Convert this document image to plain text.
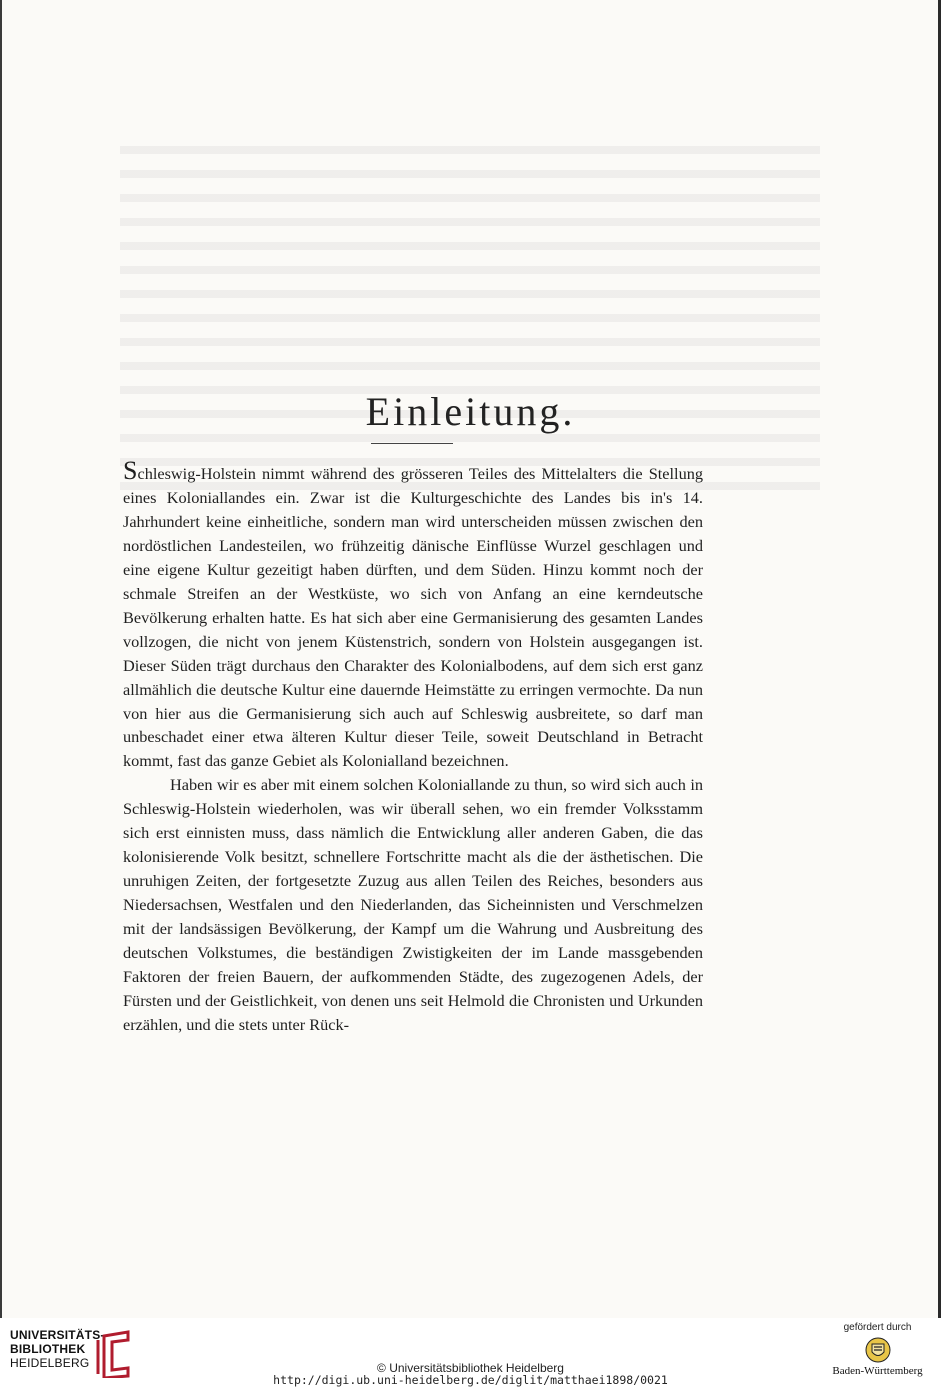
Einleitung.

Schleswig-Holstein nimmt während des grösseren Teiles des Mittelalters die Stellung eines Koloniallandes ein. Zwar ist die Kulturgeschichte des Landes bis in's 14. Jahrhundert keine einheitliche, sondern man wird unterscheiden müssen zwischen den nordöstlichen Landesteilen, wo frühzeitig dänische Einflüsse Wurzel geschlagen und eine eigene Kultur gezeitigt haben dürften, und dem Süden. Hinzu kommt noch der schmale Streifen an der Westküste, wo sich von Anfang an eine kerndeutsche Bevölkerung erhalten hatte. Es hat sich aber eine Germanisierung des gesamten Landes vollzogen, die nicht von jenem Küstenstrich, sondern von Holstein ausgegangen ist. Dieser Süden trägt durchaus den Charakter des Kolonialbodens, auf dem sich erst ganz allmählich die deutsche Kultur eine dauernde Heimstätte zu erringen vermochte. Da nun von hier aus die Germanisierung sich auch auf Schleswig ausbreitete, so darf man unbeschadet einer etwa älteren Kultur dieser Teile, soweit Deutschland in Betracht kommt, fast das ganze Gebiet als Kolonialland bezeichnen.

Haben wir es aber mit einem solchen Koloniallande zu thun, so wird sich auch in Schleswig-Holstein wiederholen, was wir überall sehen, wo ein fremder Volksstamm sich erst einnisten muss, dass nämlich die Entwicklung aller anderen Gaben, die das kolonisierende Volk besitzt, schnellere Fortschritte macht als die der ästhetischen. Die unruhigen Zeiten, der fortgesetzte Zuzug aus allen Teilen des Reiches, besonders aus Niedersachsen, Westfalen und den Niederlanden, das Sicheinnisten und Verschmelzen mit der landsässigen Bevölkerung, der Kampf um die Wahrung und Ausbreitung des deutschen Volkstumes, die beständigen Zwistigkeiten der im Lande massgebenden Faktoren der freien Bauern, der aufkommenden Städte, des zugezogenen Adels, der Fürsten und der Geistlichkeit, von denen uns seit Helmold die Chronisten und Urkunden erzählen, und die stets unter Rück-

UNIVERSITÄTS-
BIBLIOTHEK
HEIDELBERG	© Universitätsbibliothek Heidelberg
http://digi.ub.uni-heidelberg.de/diglit/matthaei1898/0021
gefördert durch
Baden-Württemberg
